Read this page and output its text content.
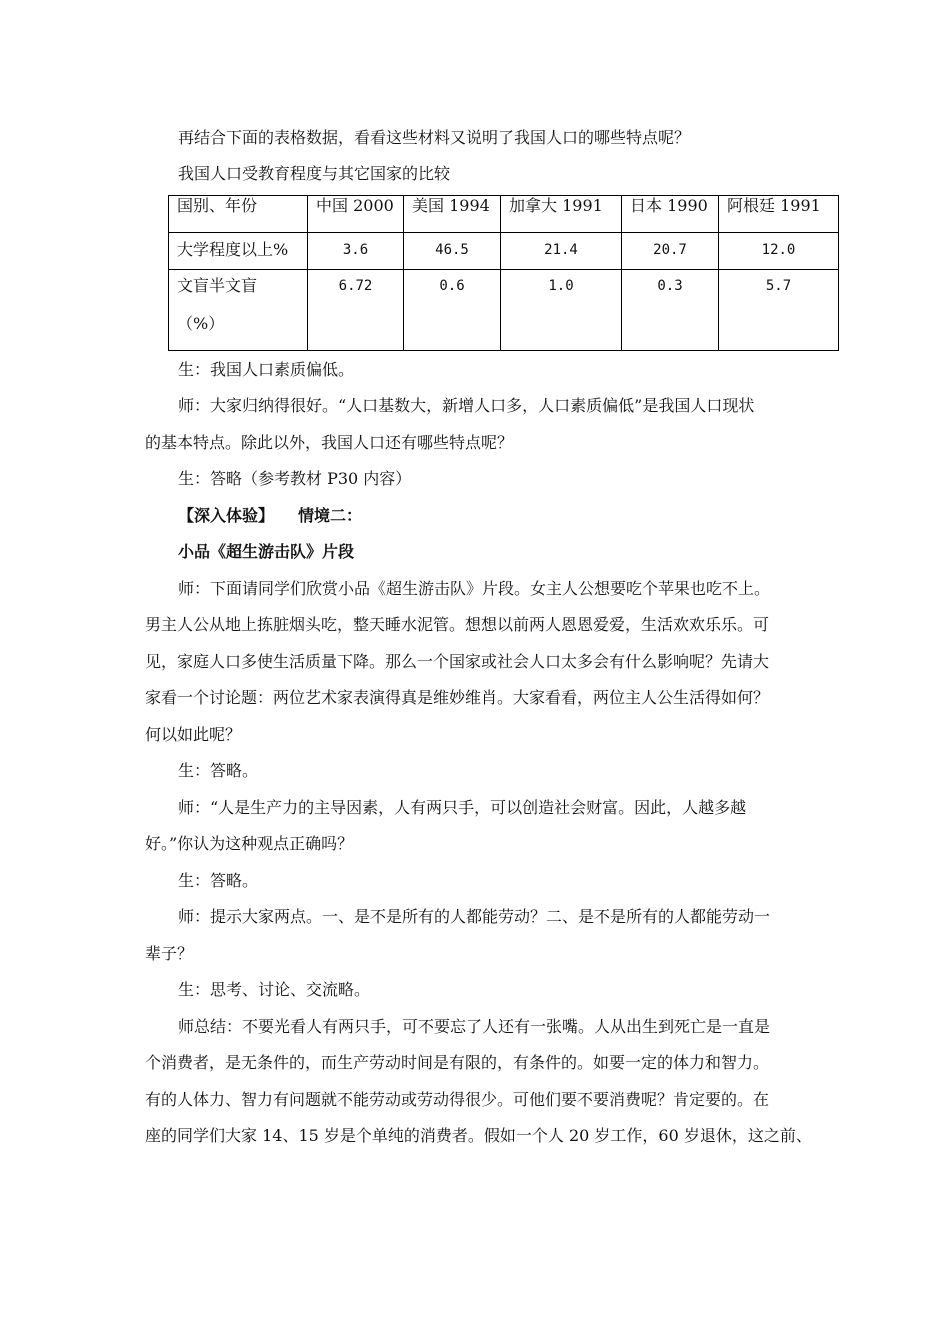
再结合下面的表格数据，看看这些材料又说明了我国人口的哪些特点呢？
我国人口受教育程度与其它国家的比较
国别、年份	中国 2000	美国 1994	加拿大 1991	日本 1990	阿根廷 1991
大学程度以上%	3.6	46.5	21.4	20.7	12.0

文盲半文盲
（%）	6.72	0.6	1.0	0.3	5.7
生：我国人口素质偏低。
师：大家归纳得很好。“人口基数大，新增人口多，人口素质偏低”是我国人口现状
的基本特点。除此以外，我国人口还有哪些特点呢？
生：答略（参考教材 P30 内容）
【深入体验】　　情境二：
小品《超生游击队》片段
师：下面请同学们欣赏小品《超生游击队》片段。女主人公想要吃个苹果也吃不上。
男主人公从地上拣脏烟头吃，整天睡水泥管。想想以前两人恩恩爱爱，生活欢欢乐乐。可
见，家庭人口多使生活质量下降。那么一个国家或社会人口太多会有什么影响呢？先请大
家看一个讨论题：两位艺术家表演得真是维妙维肖。大家看看，两位主人公生活得如何？
何以如此呢？
生：答略。
师：“人是生产力的主导因素，人有两只手，可以创造社会财富。因此，人越多越
好。”你认为这种观点正确吗？
生：答略。
师：提示大家两点。一、是不是所有的人都能劳动？二、是不是所有的人都能劳动一
辈子？
生：思考、讨论、交流略。
师总结：不要光看人有两只手，可不要忘了人还有一张嘴。人从出生到死亡是一直是
个消费者，是无条件的，而生产劳动时间是有限的，有条件的。如要一定的体力和智力。
有的人体力、智力有问题就不能劳动或劳动得很少。可他们要不要消费呢？肯定要的。在
座的同学们大家 14、15 岁是个单纯的消费者。假如一个人 20 岁工作，60 岁退休，这之前、
